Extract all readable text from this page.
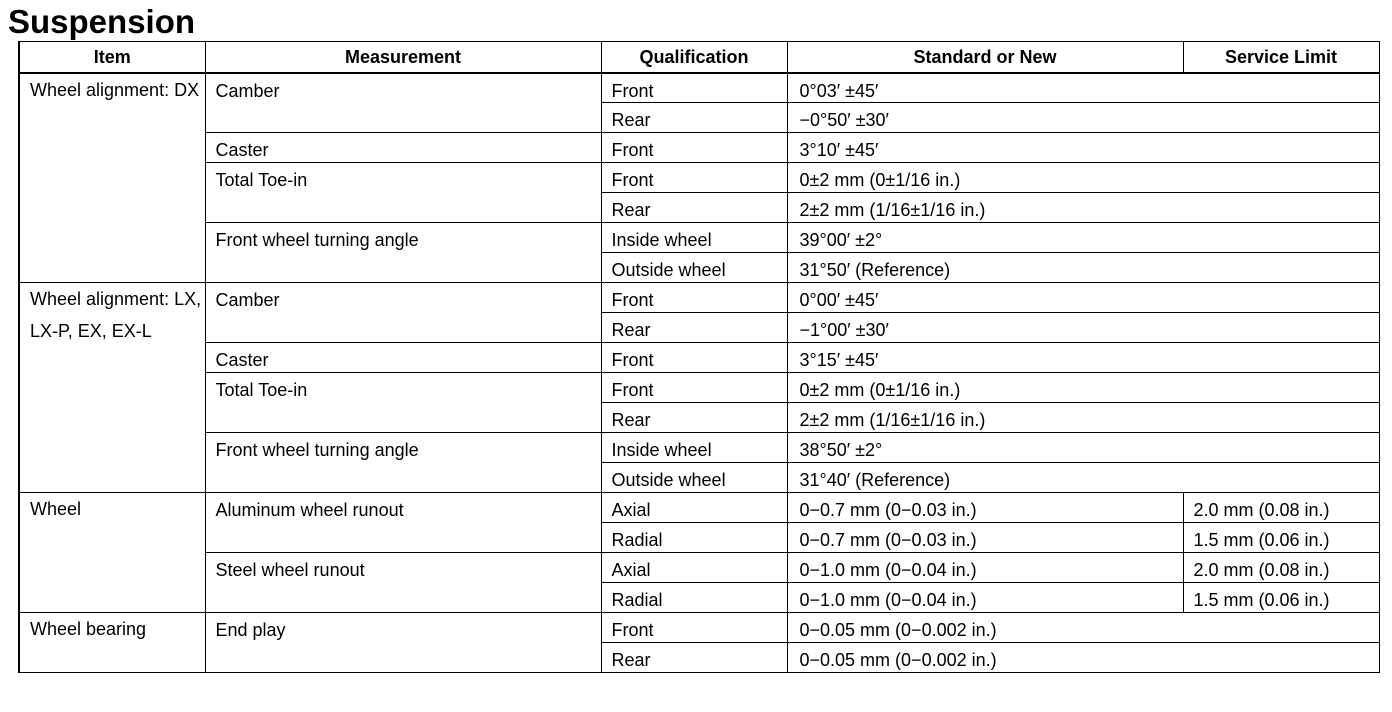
Suspension
Item	Measurement	Qualification	Standard or New	Service Limit
Wheel alignment: DX	Camber	Front	0°03′ ±45′	
		Rear	−0°50′ ±30′	
	Caster	Front	3°10′ ±45′	
	Total Toe-in	Front	0±2 mm (0±1/16 in.)	
		Rear	2±2 mm (1/16±1/16 in.)	
	Front wheel turning angle	Inside wheel	39°00′ ±2°	
		Outside wheel	31°50′ (Reference)	
Wheel alignment: LX, LX-P, EX, EX-L	Camber	Front	0°00′ ±45′	
		Rear	−1°00′ ±30′	
	Caster	Front	3°15′ ±45′	
	Total Toe-in	Front	0±2 mm (0±1/16 in.)	
		Rear	2±2 mm (1/16±1/16 in.)	
	Front wheel turning angle	Inside wheel	38°50′ ±2°	
		Outside wheel	31°40′ (Reference)	
Wheel	Aluminum wheel runout	Axial	0−0.7 mm (0−0.03 in.)	2.0 mm (0.08 in.)
		Radial	0−0.7 mm (0−0.03 in.)	1.5 mm (0.06 in.)
	Steel wheel runout	Axial	0−1.0 mm (0−0.04 in.)	2.0 mm (0.08 in.)
		Radial	0−1.0 mm (0−0.04 in.)	1.5 mm (0.06 in.)
Wheel bearing	End play	Front	0−0.05 mm (0−0.002 in.)	
		Rear	0−0.05 mm (0−0.002 in.)	
